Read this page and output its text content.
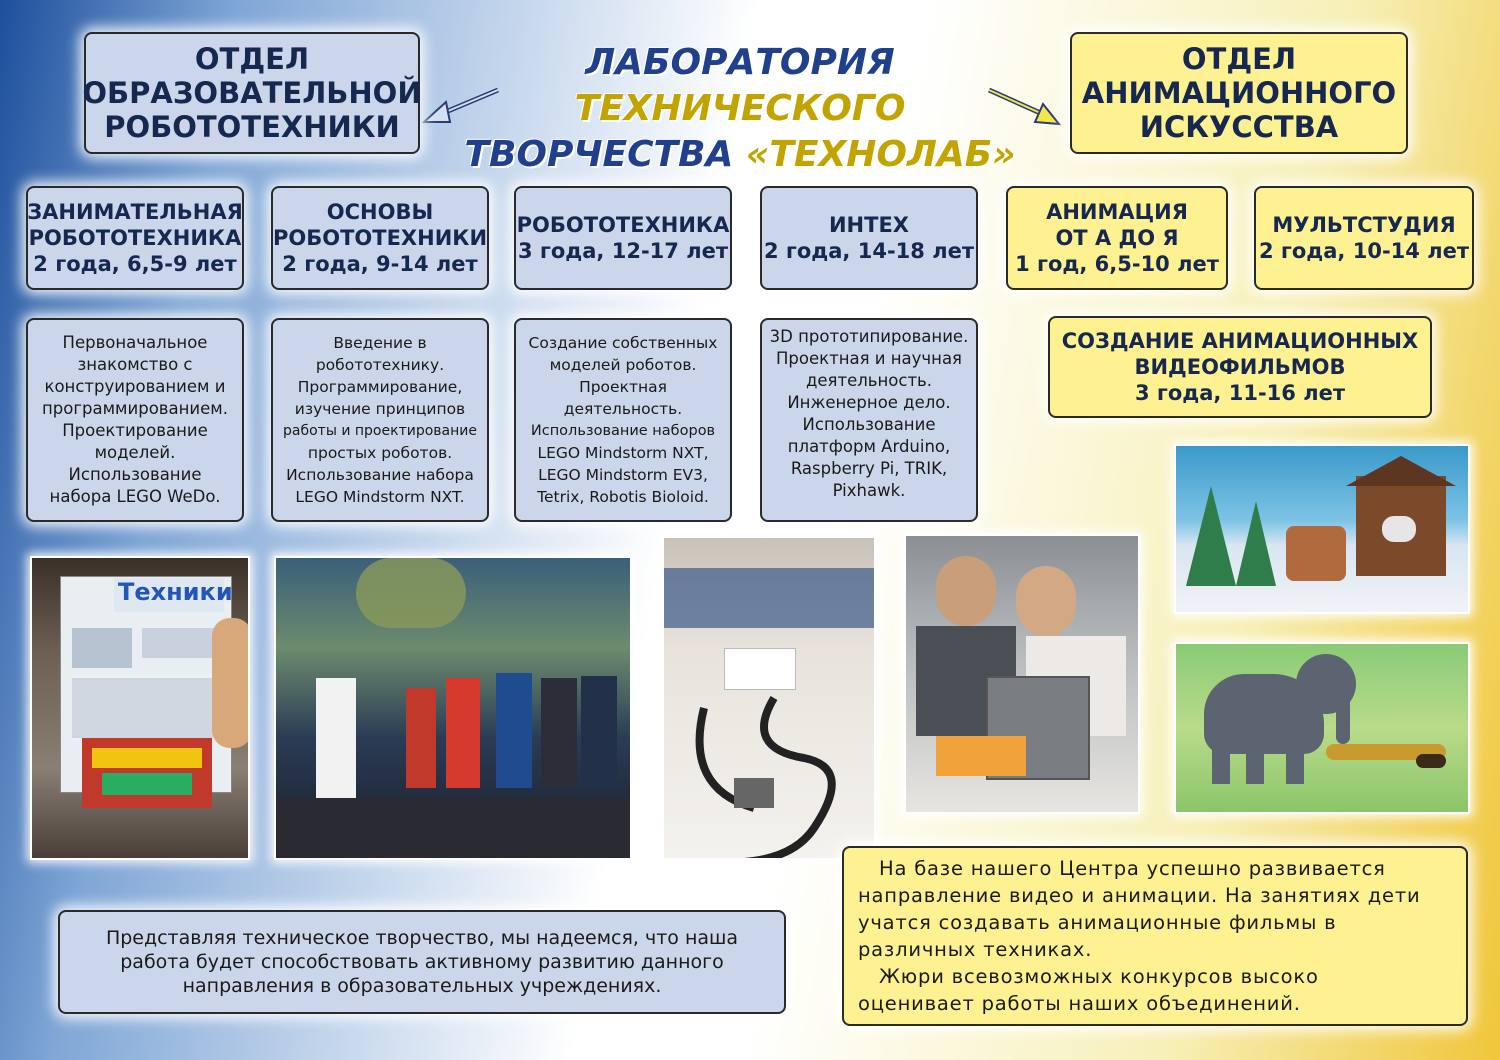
ЛАБОРАТОРИЯ ТЕХНИЧЕСКОГО
ТВОРЧЕСТВА «ТЕХНОЛАБ»
ОТДЕЛ
ОБРАЗОВАТЕЛЬНОЙ
РОБОТОТЕХНИКИ
ОТДЕЛ
АНИМАЦИОННОГО
ИСКУССТВА
ЗАНИМАТЕЛЬНАЯ
РОБОТОТЕХНИКА
2 года, 6,5-9 лет
ОСНОВЫ
РОБОТОТЕХНИКИ
2 года, 9-14 лет
РОБОТОТЕХНИКА
3 года, 12-17 лет
ИНТЕХ
2 года, 14-18 лет
АНИМАЦИЯ
ОТ А ДО Я
1 год, 6,5-10 лет
МУЛЬТСТУДИЯ
2 года, 10-14 лет
СОЗДАНИЕ АНИМАЦИОННЫХ
ВИДЕОФИЛЬМОВ
3 года, 11-16 лет
Первоначальное
знакомство с
конструированием и
программированием.
Проектирование
моделей.
Использование
набора LEGO WeDo.
Введение в
робототехнику.
Программирование,
изучение принципов
работы и проектирование
простых роботов.
Использование набора
LEGO Mindstorm NXT.
Создание собственных
моделей роботов.
Проектная
деятельность.
Использование наборов
LEGO Mindstorm NXT,
LEGO Mindstorm EV3,
Tetrix, Robotis Bioloid.
3D прототипирование.
Проектная и научная
деятельность.
Инженерное дело.
Использование
платформ Arduino,
Raspberry Pi, TRIK,
Pixhawk.
Техники
Представляя техническое творчество, мы надеемся, что наша
работа будет способствовать активному развитию данного
направления в образовательных учреждениях.
На базе нашего Центра успешно развивается
направление видео и анимации. На занятиях дети
учатся создавать анимационные фильмы в
различных техниках.
Жюри всевозможных конкурсов высоко
оценивает работы наших объединений.
